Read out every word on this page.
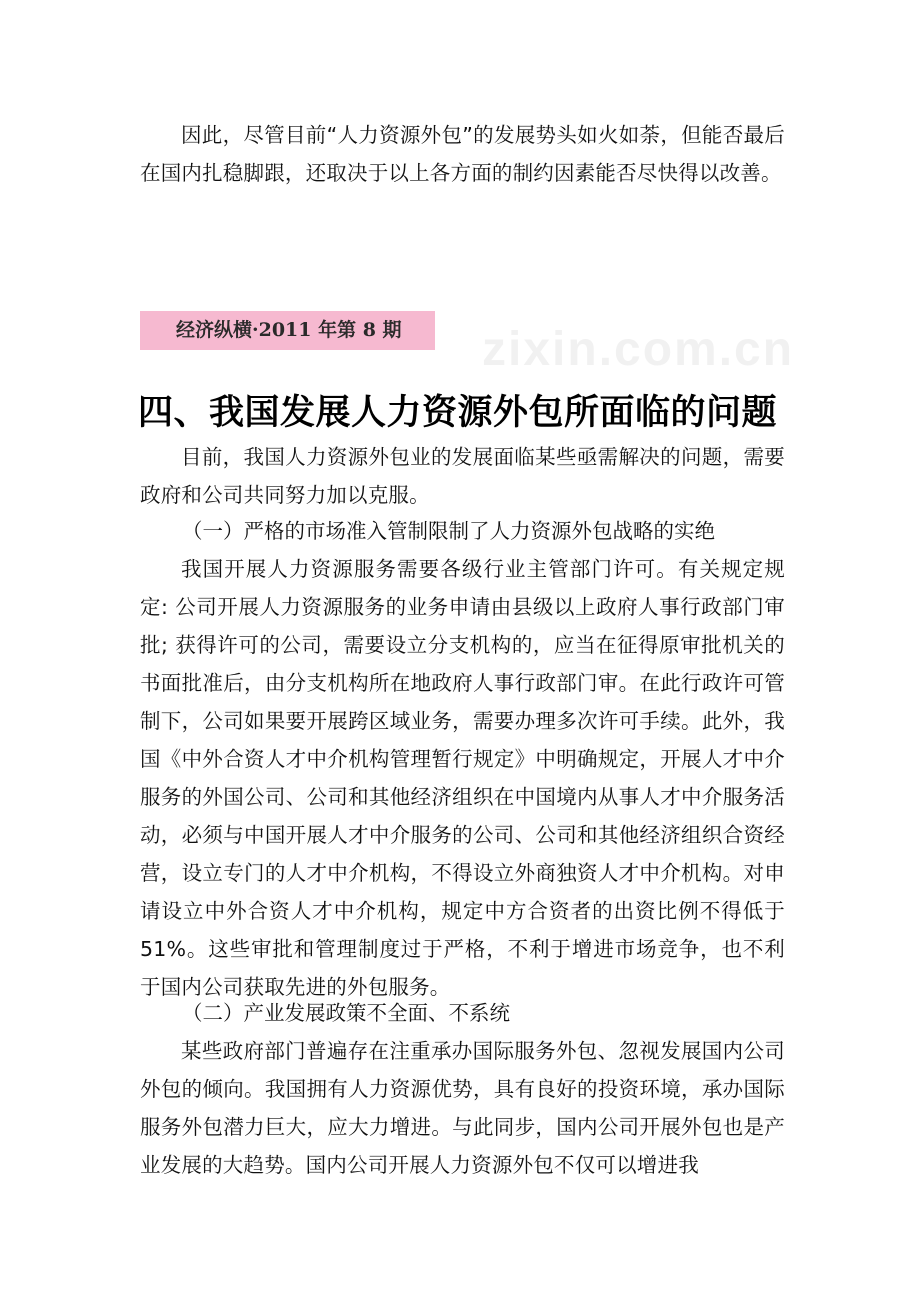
因此，尽管目前“人力资源外包”的发展势头如火如荼，但能否最后在国内扎稳脚跟，还取决于以上各方面的制约因素能否尽快得以改善。

经济纵横·2011 年第 8 期	zixin.com.cn
四、我国发展人力资源外包所面临的问题

目前，我国人力资源外包业的发展面临某些亟需解决的问题，需要政府和公司共同努力加以克服。

（一）严格的市场准入管制限制了人力资源外包战略的实绝

我国开展人力资源服务需要各级行业主管部门许可。有关规定规定: 公司开展人力资源服务的业务申请由县级以上政府人事行政部门审批; 获得许可的公司，需要设立分支机构的，应当在征得原审批机关的书面批准后，由分支机构所在地政府人事行政部门审。在此行政许可管制下，公司如果要开展跨区域业务，需要办理多次许可手续。此外，我国《中外合资人才中介机构管理暂行规定》中明确规定，开展人才中介服务的外国公司、公司和其他经济组织在中国境内从事人才中介服务活动，必须与中国开展人才中介服务的公司、公司和其他经济组织合资经营，设立专门的人才中介机构，不得设立外商独资人才中介机构。对申请设立中外合资人才中介机构，规定中方合资者的出资比例不得低于 51%。这些审批和管理制度过于严格，不利于增进市场竞争，也不利于国内公司获取先进的外包服务。

（二）产业发展政策不全面、不系统

某些政府部门普遍存在注重承办国际服务外包、忽视发展国内公司外包的倾向。我国拥有人力资源优势，具有良好的投资环境，承办国际服务外包潜力巨大，应大力增进。与此同步，国内公司开展外包也是产业发展的大趋势。国内公司开展人力资源外包不仅可以增进我
